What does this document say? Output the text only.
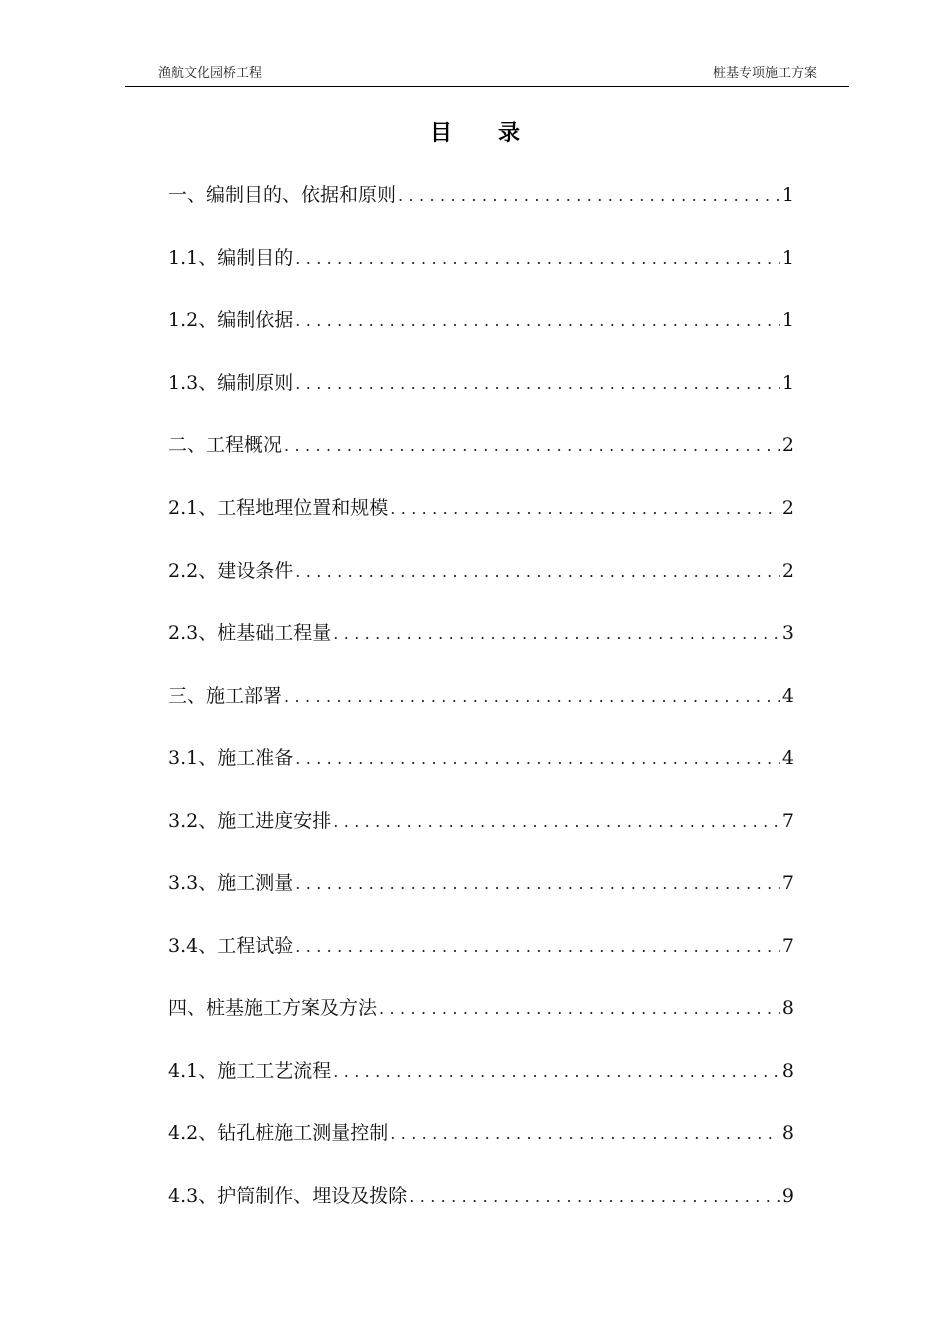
渔航文化园桥工程	桩基专项施工方案
目录
一、编制目的、依据和原则 .....	1
1.1、编制目的 .....	1
1.2、编制依据 .....	1
1.3、编制原则 .....	1
二、工程概况 .....	2
2.1、工程地理位置和规模 .....	2
2.2、建设条件 .....	2
2.3、桩基础工程量 .....	3
三、施工部署 .....	4
3.1、施工准备 .....	4
3.2、施工进度安排 .....	7
3.3、施工测量 .....	7
3.4、工程试验 .....	7
四、桩基施工方案及方法 .....	8
4.1、施工工艺流程 .....	8
4.2、钻孔桩施工测量控制 .....	8
4.3、护筒制作、埋设及拨除 .....	9
